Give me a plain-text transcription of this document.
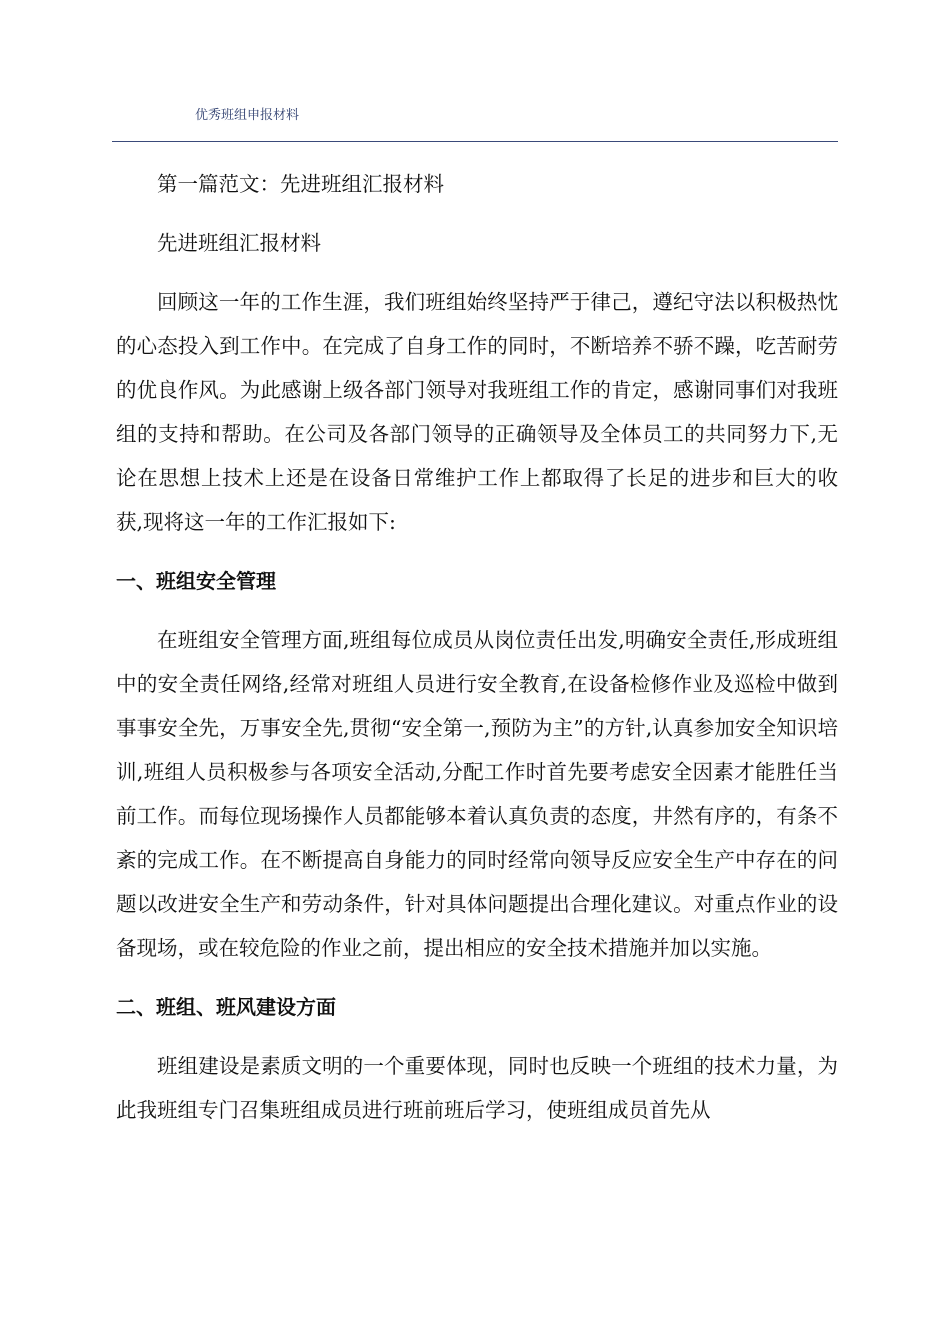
优秀班组申报材料

第一篇范文：先进班组汇报材料

先进班组汇报材料

回顾这一年的工作生涯，我们班组始终坚持严于律己，遵纪守法以积极热忱的心态投入到工作中。在完成了自身工作的同时，不断培养不骄不躁，吃苦耐劳的优良作风。为此感谢上级各部门领导对我班组工作的肯定，感谢同事们对我班组的支持和帮助。在公司及各部门领导的正确领导及全体员工的共同努力下,无论在思想上技术上还是在设备日常维护工作上都取得了长足的进步和巨大的收获,现将这一年的工作汇报如下:

一、班组安全管理

在班组安全管理方面,班组每位成员从岗位责任出发,明确安全责任,形成班组中的安全责任网络,经常对班组人员进行安全教育,在设备检修作业及巡检中做到事事安全先，万事安全先,贯彻“安全第一,预防为主”的方针,认真参加安全知识培训,班组人员积极参与各项安全活动,分配工作时首先要考虑安全因素才能胜任当前工作。而每位现场操作人员都能够本着认真负责的态度，井然有序的，有条不紊的完成工作。在不断提高自身能力的同时经常向领导反应安全生产中存在的问题以改进安全生产和劳动条件，针对具体问题提出合理化建议。对重点作业的设备现场，或在较危险的作业之前，提出相应的安全技术措施并加以实施。

二、班组、班风建设方面

班组建设是素质文明的一个重要体现，同时也反映一个班组的技术力量，为此我班组专门召集班组成员进行班前班后学习，使班组成员首先从
